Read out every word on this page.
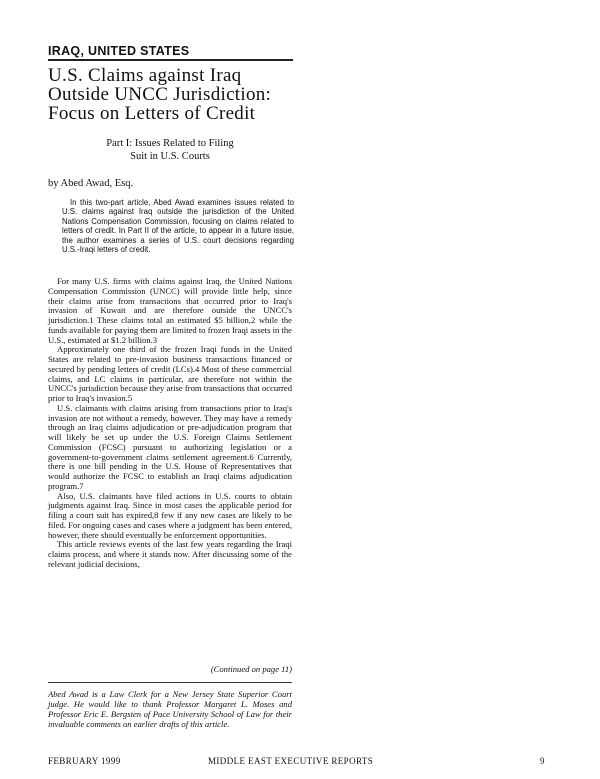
IRAQ, UNITED STATES
U.S. Claims against Iraq
Outside UNCC Jurisdiction:
Focus on Letters of Credit
Part I: Issues Related to Filing
Suit in U.S. Courts
by Abed Awad, Esq.
In this two-part article, Abed Awad examines issues related to U.S. claims against Iraq outside the jurisdiction of the United Nations Compensation Commission, focusing on claims related to letters of credit. In Part II of the article, to appear in a future issue, the author examines a series of U.S. court decisions regarding U.S.-Iraqi letters of credit.

For many U.S. firms with claims against Iraq, the United Nations Compensation Commission (UNCC) will provide little help, since their claims arise from transactions that occurred prior to Iraq's invasion of Kuwait and are therefore outside the UNCC's jurisdiction.1 These claims total an estimated $5 billion,2 while the funds available for paying them are limited to frozen Iraqi assets in the U.S., estimated at $1.2 billion.3

Approximately one third of the frozen Iraqi funds in the United States are related to pre-invasion business transactions financed or secured by pending letters of credit (LCs).4 Most of these commercial claims, and LC claims in particular, are therefore not within the UNCC's jurisdiction because they arise from transactions that occurred prior to Iraq's invasion.5

U.S. claimants with claims arising from transactions prior to Iraq's invasion are not without a remedy, however. They may have a remedy through an Iraq claims adjudication or pre-adjudication program that will likely be set up under the U.S. Foreign Claims Settlement Commission (FCSC) pursuant to authorizing legislation or a government-to-government claims settlement agreement.6 Currently, there is one bill pending in the U.S. House of Representatives that would authorize the FCSC to establish an Iraqi claims adjudication program.7

Also, U.S. claimants have filed actions in U.S. courts to obtain judgments against Iraq. Since in most cases the applicable period for filing a court suit has expired,8 few if any new cases are likely to be filed. For ongoing cases and cases where a judgment has been entered, however, there should eventually be enforcement opportunities.

This article reviews events of the last few years regarding the Iraqi claims process, and where it stands now. After discussing some of the relevant judicial decisions,

(Continued on page 11)
Abed Awad is a Law Clerk for a New Jersey State Superior Court judge. He would like to thank Professor Margaret L. Moses and Professor Eric E. Bergsten of Pace University School of Law for their invaluable comments on earlier drafts of this article.
FEBRUARY 1999	MIDDLE EAST EXECUTIVE REPORTS	9
